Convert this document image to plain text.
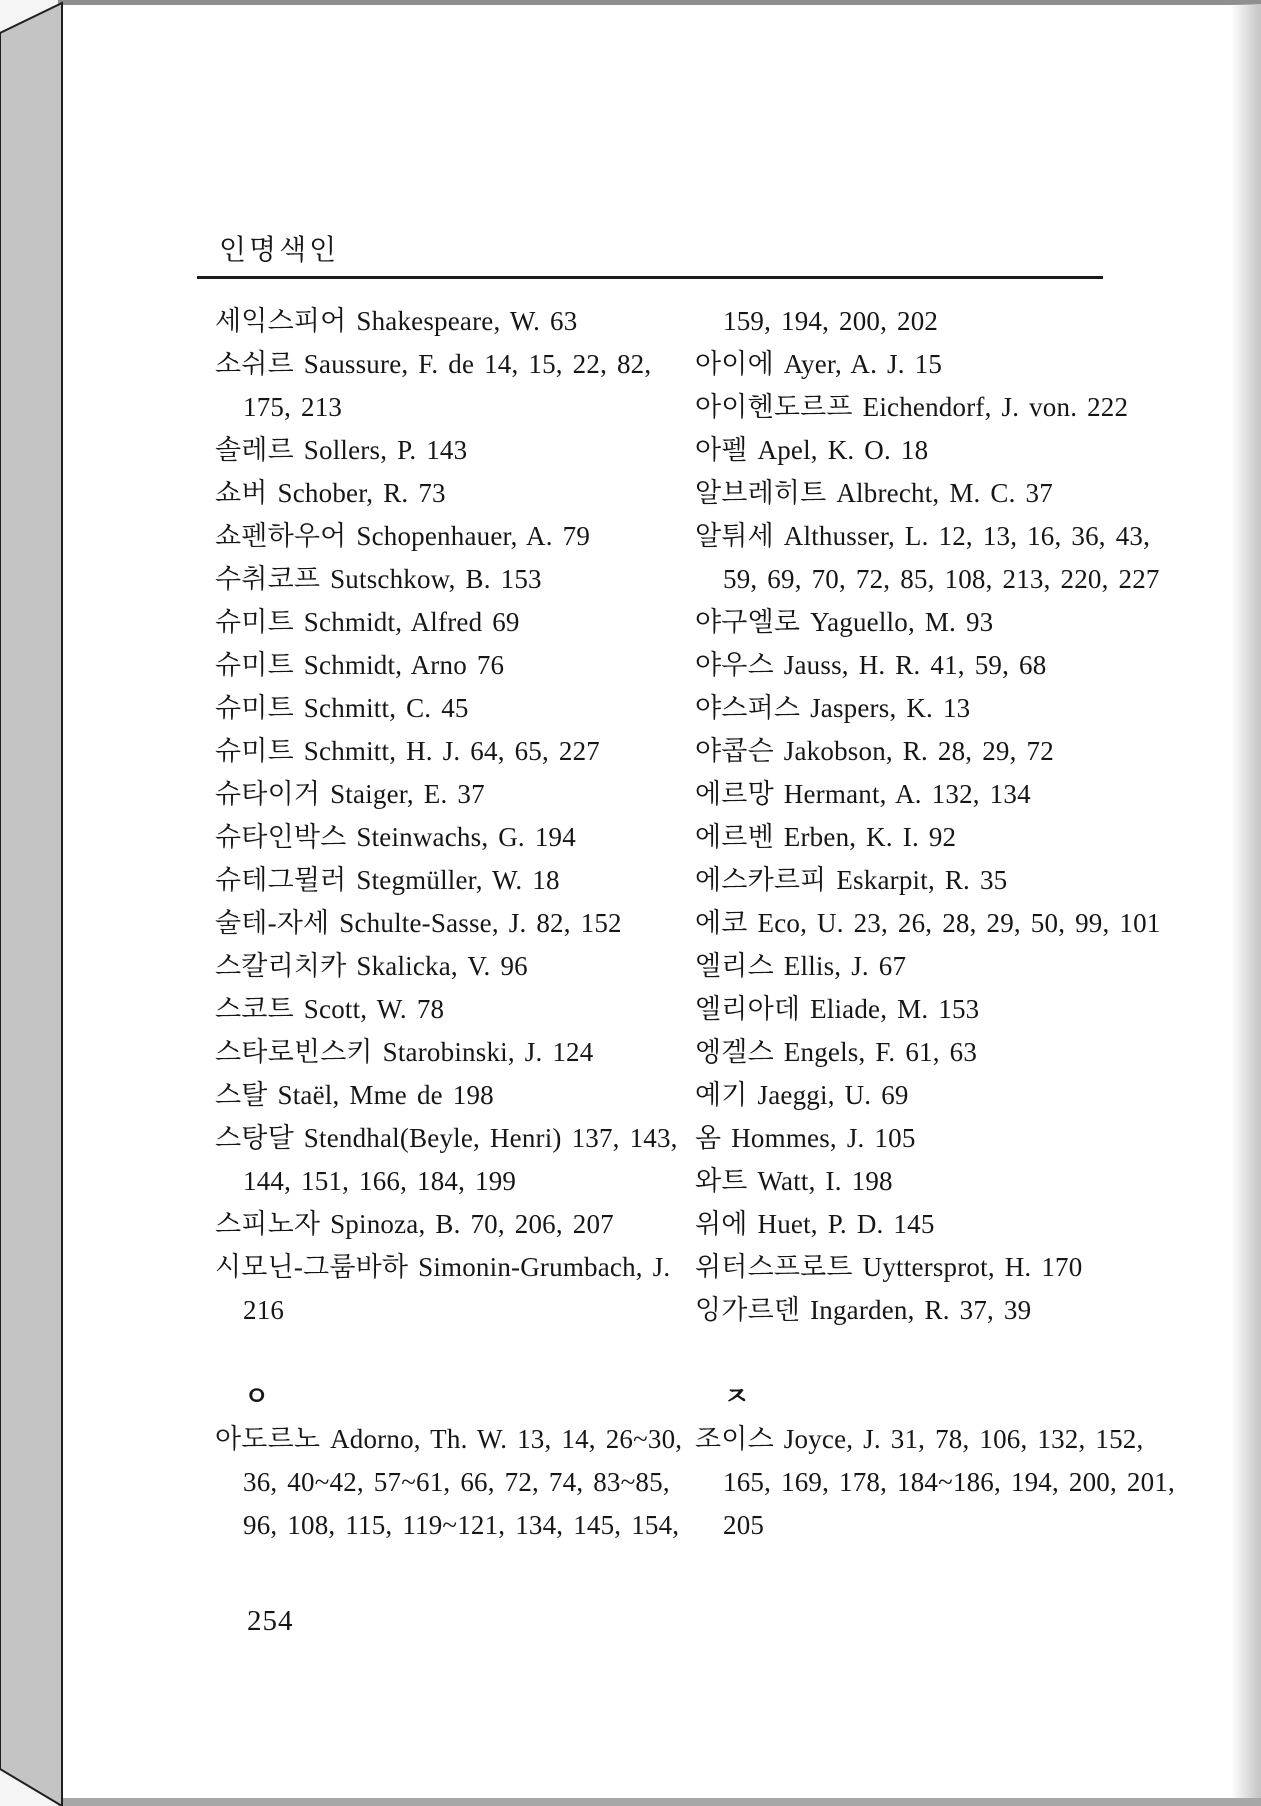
인명색인
세익스피어 Shakespeare, W. 63
소쉬르 Saussure, F. de 14, 15, 22, 82,
175, 213
솔레르 Sollers, P. 143
쇼버 Schober, R. 73
쇼펜하우어 Schopenhauer, A. 79
수취코프 Sutschkow, B. 153
슈미트 Schmidt, Alfred 69
슈미트 Schmidt, Arno 76
슈미트 Schmitt, C. 45
슈미트 Schmitt, H. J. 64, 65, 227
슈타이거 Staiger, E. 37
슈타인박스 Steinwachs, G. 194
슈테그뮐러 Stegmüller, W. 18
술테-자세 Schulte-Sasse, J. 82, 152
스칼리치카 Skalicka, V. 96
스코트 Scott, W. 78
스타로빈스키 Starobinski, J. 124
스탈 Staël, Mme de 198
스탕달 Stendhal(Beyle, Henri) 137, 143,
144, 151, 166, 184, 199
스피노자 Spinoza, B. 70, 206, 207
시모닌-그룸바하 Simonin-Grumbach, J.
216
ㅇ
아도르노 Adorno, Th. W. 13, 14, 26~30,
36, 40~42, 57~61, 66, 72, 74, 83~85,
96, 108, 115, 119~121, 134, 145, 154,
159, 194, 200, 202
아이에 Ayer, A. J. 15
아이헨도르프 Eichendorf, J. von. 222
아펠 Apel, K. O. 18
알브레히트 Albrecht, M. C. 37
알튀세 Althusser, L. 12, 13, 16, 36, 43,
59, 69, 70, 72, 85, 108, 213, 220, 227
야구엘로 Yaguello, M. 93
야우스 Jauss, H. R. 41, 59, 68
야스퍼스 Jaspers, K. 13
야콥슨 Jakobson, R. 28, 29, 72
에르망 Hermant, A. 132, 134
에르벤 Erben, K. I. 92
에스카르피 Eskarpit, R. 35
에코 Eco, U. 23, 26, 28, 29, 50, 99, 101
엘리스 Ellis, J. 67
엘리아데 Eliade, M. 153
엥겔스 Engels, F. 61, 63
예기 Jaeggi, U. 69
옴 Hommes, J. 105
와트 Watt, I. 198
위에 Huet, P. D. 145
위터스프로트 Uyttersprot, H. 170
잉가르덴 Ingarden, R. 37, 39
ㅈ
조이스 Joyce, J. 31, 78, 106, 132, 152,
165, 169, 178, 184~186, 194, 200, 201,
205
254
